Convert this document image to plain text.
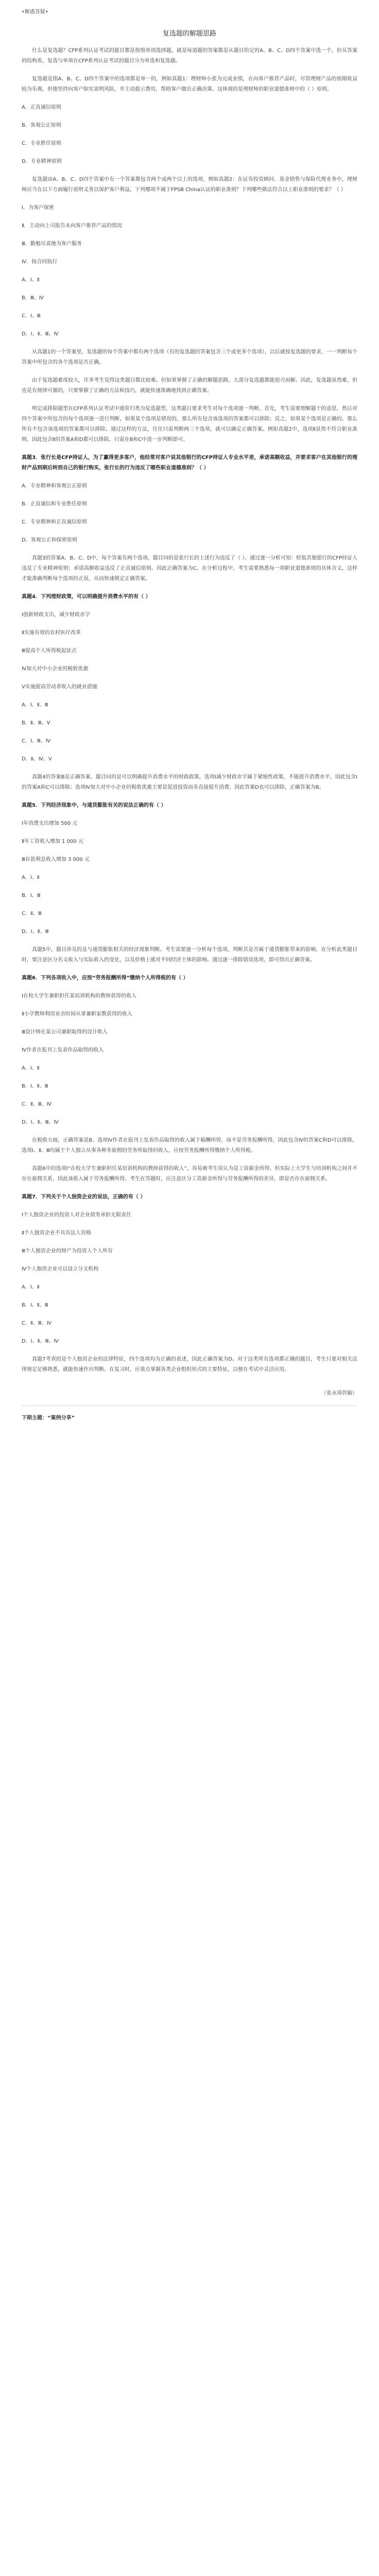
•解惑答疑•
复选题的解题思路

什么是复选题？CFP系列认证考试的题目都是按照单项选择题，就是每道题的答案都是从题目给定的A、B、C、D四个答案中选一个，但从答案的结构看，复选与单项在CFP系列认证考试的题目分为单选和复选题。

复选题是指A、B、C、D四个答案中的选项都是单一的，例如真题1：理财师小张为完成业绩，在向客户推荐产品时，尽管理财产品的预期收益较为乐观，但他坚持向客户如实说明风险，并主动提示费用，帮助客户做出正确决策。这体现的是理财师的职业道德准则中的（ ）原则。

A．正直诚信原则

B．客观公正原则

C．专业胜任原则

D．专业精神原则

复选题由A、B、C、D四个答案中有一个答案都包含两个或两个以上的选项，例如真题2：在证券投资顾问、基金销售与保险代理业务中，理财师应当在以下方面履行说明义务以保护客户利益，下列哪项不属于FPSB China认证的职业准则？下列哪些做法符合以上职业准则的要求？（ ）

Ⅰ．为客户保密

Ⅱ．主动向上司报告未向客户推荐产品的情况

Ⅲ．勤勉尽责地为客户服务

Ⅳ．按合同执行

A．Ⅰ、Ⅱ

B．Ⅲ、Ⅳ

C．Ⅰ、Ⅲ

D．Ⅰ、Ⅱ、Ⅲ、Ⅳ

从真题1的一个答案里，复选题的每个答案中都有两个选项（有的复选题的答案包含三个或更多个选项），以后就按复选题的要求，一一判断每个答案中所包含的各个选项是否正确。

由于复选题难度较大，许多考生觉得这类题目都比较难。但如果掌握了正确的解题思路，大部分复选题都能迎刃而解。因此，复选题虽然难，但也是有规律可循的，只要掌握了正确的方法和技巧，就能快速准确地找到正确答案。

明定或排除题型在CFP系列认证考试中通常归类为复选题型，这类题目要求考生对每个选项逐一判断。首先，考生需要理解题干的意思，然后对四个答案中所包含的每个选项逐一进行判断，如果某个选项是错误的，那么所有包含该选项的答案都可以排除；反之，如果某个选项是正确的，那么所有不包含该选项的答案都可以排除。通过这样的方法，往往只需判断两三个选项，就可以确定正确答案。例如真题2中，选项Ⅱ显然不符合职业准则，因此包含Ⅱ的答案A和D都可以排除，只需在B和C中进一步判断即可。

真题3．张行长是CFP持证人，为了赢得更多客户，他经常对客户说其他银行的CFP持证人专业水平差，承诺高额收益，并要求客户在其他银行的理财产品到期后转到自己的银行购买，张行长的行为违反了哪些职业道德准则？（ ）

A．专业精神和客观公正原则

B．正直诚信和专业胜任原则

C．专业精神和正直诚信原则

D．客观公正和保密原则

真题3的答案A、B、C、D中，每个答案有两个选项，题目问的是张行长的上述行为违反了（ ）。通过逐一分析可知：贬低其他银行的CFP持证人违反了专业精神原则；承诺高额收益违反了正直诚信原则。因此正确答案为C。在分析过程中，考生需要熟悉每一项职业道德准则的具体含义，这样才能准确判断每个选项的正误，从而快速锁定正确答案。

真题4．下列理财政策，可以明确提升消费水平的有（ ）

Ⅰ创新财政支出，减少财政赤字

Ⅱ实施有效的农村医疗改革

Ⅲ提高个人所得税起征点

Ⅳ加大对中小企业的税收优惠

Ⅴ实施提高劳动者收入的就业措施

A．Ⅰ、Ⅱ、Ⅲ

B．Ⅱ、Ⅲ、Ⅴ

C．Ⅰ、Ⅲ、Ⅳ

D．Ⅱ、Ⅳ、Ⅴ

真题4的答案B是正确答案。题目问的是可以明确提升消费水平的财政政策，选项Ⅰ减少财政赤字属于紧缩性政策，不能提升消费水平，因此包含Ⅰ的答案A和C可以排除；选项Ⅳ加大对中小企业的税收优惠主要是促进投资而非直接提升消费，因此答案D也可以排除，正确答案为B。

真题5．下列经济现象中，与通货膨胀有关的说法正确的有（ ）

Ⅰ年消费支出增加 500 元

Ⅱ年工资收入增加 1 000 元

Ⅲ存款利息收入增加 3 000 元

A．Ⅰ、Ⅱ

B．Ⅰ、Ⅲ

C．Ⅱ、Ⅲ

D．Ⅰ、Ⅱ、Ⅲ

真题5中，题目涉及的是与通货膨胀相关的经济现象判断。考生需要逐一分析每个选项，判断其是否属于通货膨胀带来的影响。在分析此类题目时，要注意区分名义收入与实际收入的变化，以及价格上涨对不同经济主体的影响。通过逐一排除错误选项，即可得出正确答案。

真题6．下列各项收入中，应按“劳务报酬所得”缴纳个人所得税的有（ ）

Ⅰ在校大学生兼职担任某培训机构的教师获得的收入

Ⅱ小学教师利用业余时间从事兼职家教获得的收入

Ⅲ设计师在某公司兼职取得的设计收入

Ⅳ作者在报刊上发表作品取得的收入

A．Ⅰ、Ⅱ

B．Ⅰ、Ⅱ、Ⅲ

C．Ⅱ、Ⅲ、Ⅳ

D．Ⅰ、Ⅱ、Ⅲ、Ⅳ

在税收方面，正确答案是B。选项Ⅳ作者在报刊上发表作品取得的收入属于稿酬所得，而不是劳务报酬所得，因此包含Ⅳ的答案C和D可以排除。选项Ⅰ、Ⅱ、Ⅲ均属于个人独立从事各种非雇佣的劳务所取得的收入，应按劳务报酬所得缴纳个人所得税。

真题6中的选项Ⅰ“在校大学生兼职担任某培训机构的教师获得的收入”，容易被考生误认为是工资薪金所得。但实际上大学生与培训机构之间并不存在雇佣关系，因此该收入属于劳务报酬所得。考生在答题时，应注意区分工资薪金所得与劳务报酬所得的差异，即是否存在雇佣关系。

真题7．下列关于个人独资企业的说法，正确的有（ ）

Ⅰ个人独资企业的投资人对企业债务承担无限责任

Ⅱ个人独资企业不具有法人资格

Ⅲ个人独资企业的财产为投资人个人所有

Ⅳ个人独资企业可以设立分支机构

A．Ⅰ、Ⅱ

B．Ⅰ、Ⅱ、Ⅲ

C．Ⅱ、Ⅲ、Ⅳ

D．Ⅰ、Ⅱ、Ⅲ、Ⅳ

真题7考查的是个人独资企业的法律特征，四个选项均为正确的表述，因此正确答案为D。对于这类所有选项都正确的题目，考生只要对相关法律规定足够熟悉，就能快速作出判断。在复习时，应重点掌握各类企业组织形式的主要特征，以便在考试中灵活应用。

（张永琦供稿）
下期主题：“案例分享”
